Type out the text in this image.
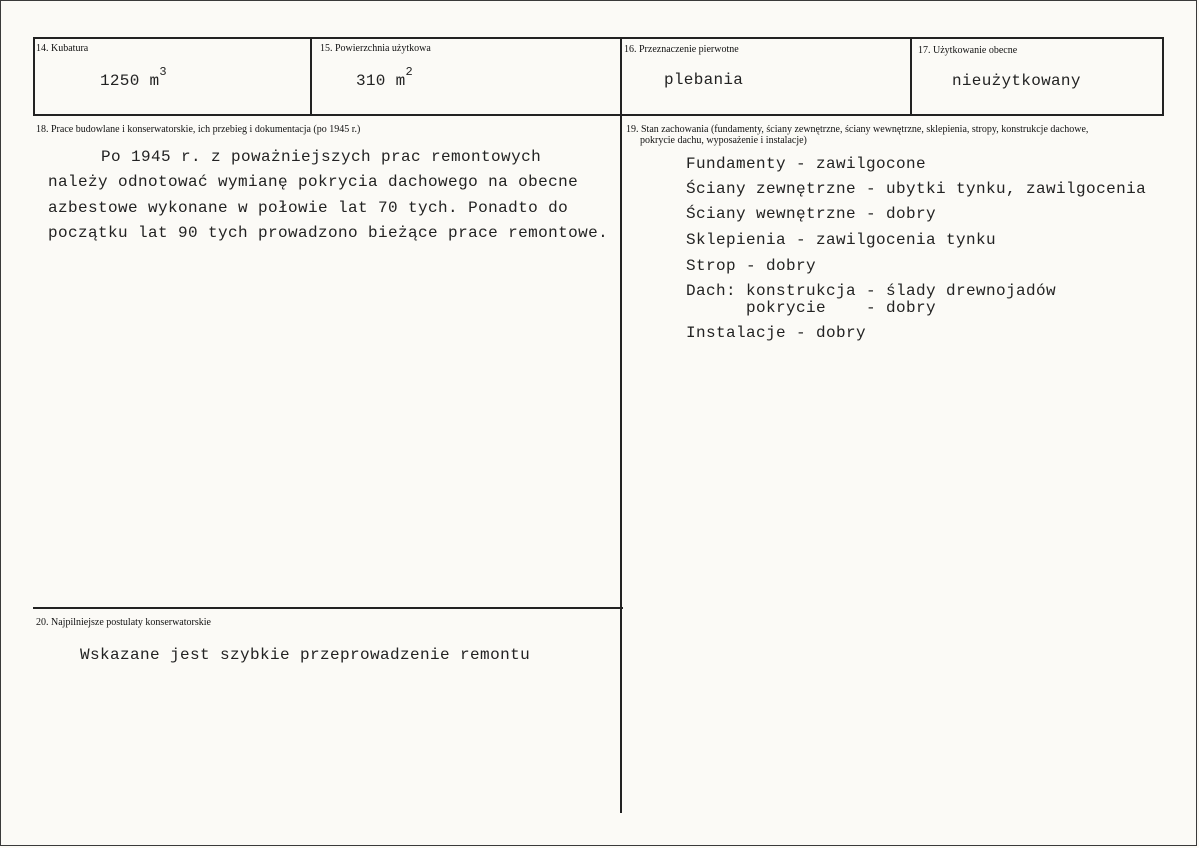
14. Kubatura
1250 $m^3$
15. Powierzchnia użytkowa
310 $m^2$
16. Przeznaczenie pierwotne
plebania
17. Użytkowanie obecne
nieużytkowany
18. Prace budowlane i konserwatorskie, ich przebieg i dokumentacja (po 1945 r.)
Po 1945 r. z poważniejszych prac remontowych
należy odnotować wymianę pokrycia dachowego na obecne
azbestowe wykonane w połowie lat 70 tych. Ponadto do
początku lat 90 tych prowadzono bieżące prace remontowe.
19. Stan zachowania (fundamenty, ściany zewnętrzne, ściany wewnętrzne, sklepienia, stropy, konstrukcje dachowe,
pokrycie dachu, wyposażenie i instalacje)
Fundamenty - zawilgocone
Ściany zewnętrzne - ubytki tynku, zawilgocenia
Ściany wewnętrzne - dobry
Sklepienia - zawilgocenia tynku
Strop - dobry
Dach: konstrukcja - ślady drewnojadów
pokrycie    - dobry
Instalacje - dobry
20. Najpilniejsze postulaty konserwatorskie
Wskazane jest szybkie przeprowadzenie remontu
